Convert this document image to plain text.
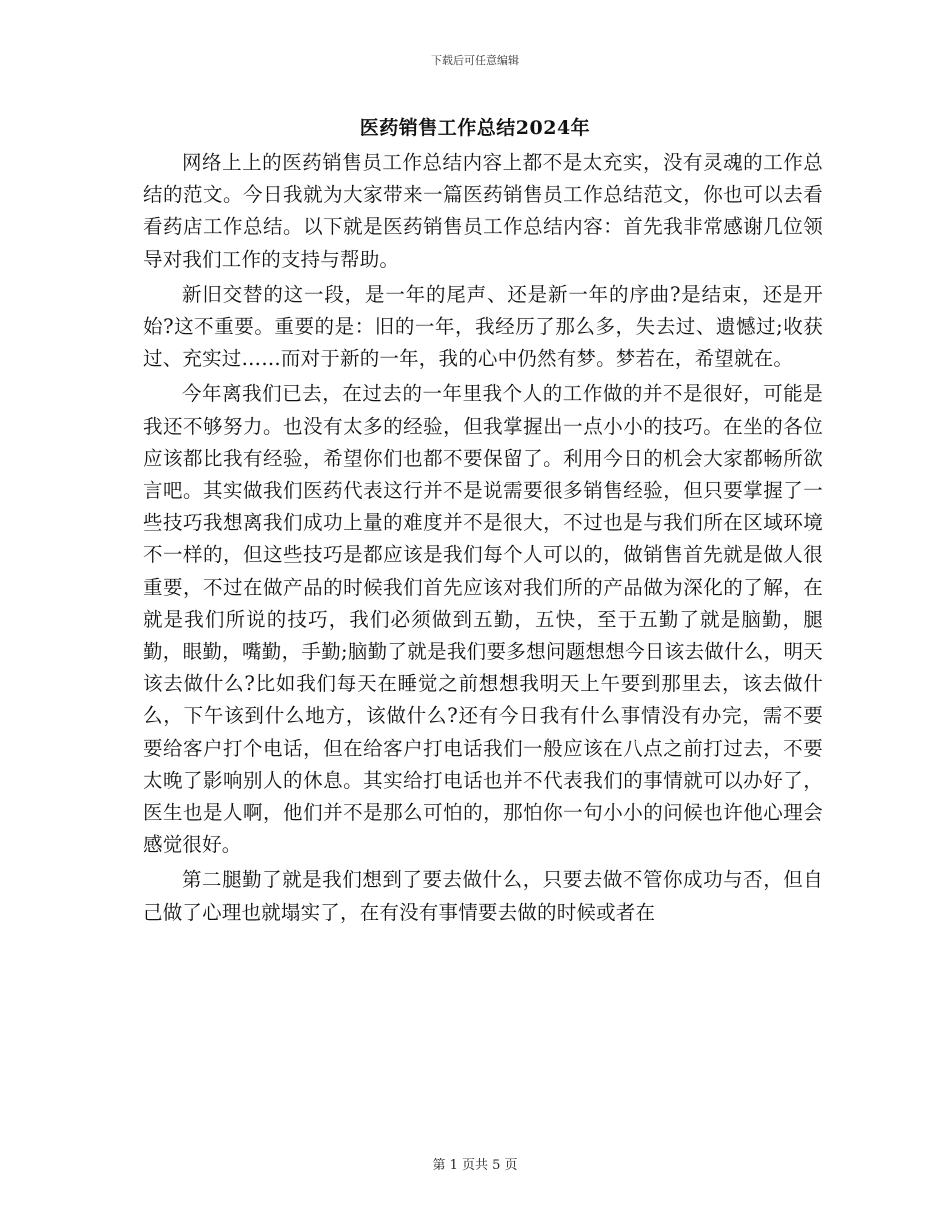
下载后可任意编辑
医药销售工作总结2024年

网络上上的医药销售员工作总结内容上都不是太充实，没有灵魂的工作总结的范文。今日我就为大家带来一篇医药销售员工作总结范文，你也可以去看看药店工作总结。以下就是医药销售员工作总结内容：首先我非常感谢几位领导对我们工作的支持与帮助。

新旧交替的这一段，是一年的尾声、还是新一年的序曲?是结束，还是开始?这不重要。重要的是：旧的一年，我经历了那么多，失去过、遗憾过;收获过、充实过……而对于新的一年，我的心中仍然有梦。梦若在，希望就在。

今年离我们已去，在过去的一年里我个人的工作做的并不是很好，可能是我还不够努力。也没有太多的经验，但我掌握出一点小小的技巧。在坐的各位应该都比我有经验，希望你们也都不要保留了。利用今日的机会大家都畅所欲言吧。其实做我们医药代表这行并不是说需要很多销售经验，但只要掌握了一些技巧我想离我们成功上量的难度并不是很大，不过也是与我们所在区域环境不一样的，但这些技巧是都应该是我们每个人可以的，做销售首先就是做人很重要，不过在做产品的时候我们首先应该对我们所的产品做为深化的了解，在就是我们所说的技巧，我们必须做到五勤，五快，至于五勤了就是脑勤，腿勤，眼勤，嘴勤，手勤;脑勤了就是我们要多想问题想想今日该去做什么，明天该去做什么?比如我们每天在睡觉之前想想我明天上午要到那里去，该去做什么，下午该到什么地方，该做什么?还有今日我有什么事情没有办完，需不要要给客户打个电话，但在给客户打电话我们一般应该在八点之前打过去，不要太晚了影响别人的休息。其实给打电话也并不代表我们的事情就可以办好了，医生也是人啊，他们并不是那么可怕的，那怕你一句小小的问候也许他心理会感觉很好。

第二腿勤了就是我们想到了要去做什么，只要去做不管你成功与否，但自己做了心理也就塌实了，在有没有事情要去做的时候或者在

第 1 页共 5 页
